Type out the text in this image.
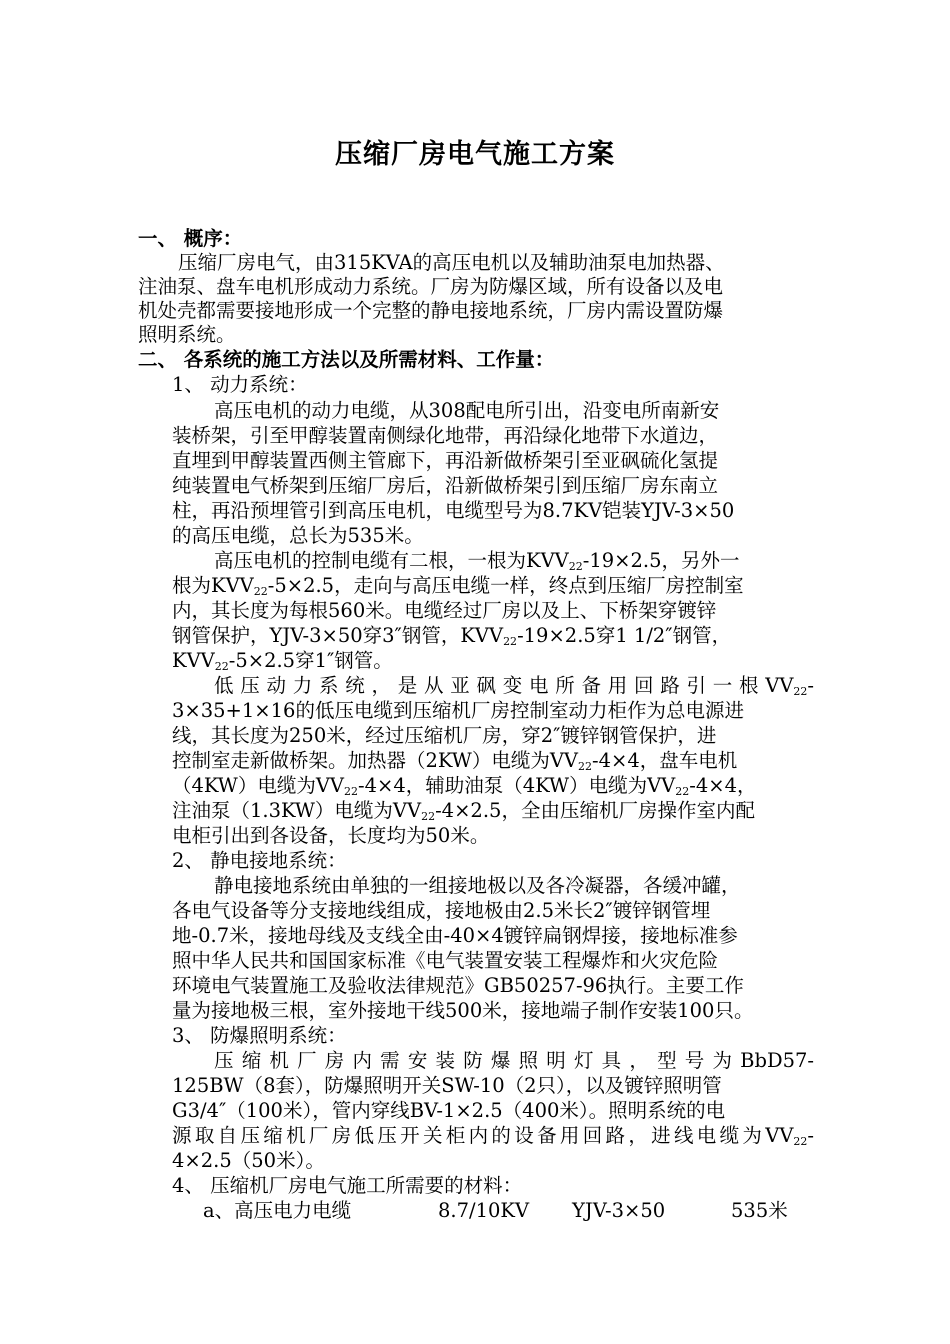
压缩厂房电气施工方案
一、 概序：
压缩厂房电气，由315KVA的高压电机以及辅助油泵电加热器、
注油泵、盘车电机形成动力系统。厂房为防爆区域，所有设备以及电
机处壳都需要接地形成一个完整的静电接地系统，厂房内需设置防爆
照明系统。
二、 各系统的施工方法以及所需材料、工作量：
1、 动力系统：
高压电机的动力电缆，从308配电所引出，沿变电所南新安
装桥架，引至甲醇装置南侧绿化地带，再沿绿化地带下水道边，
直埋到甲醇装置西侧主管廊下，再沿新做桥架引至亚砜硫化氢提
纯装置电气桥架到压缩厂房后，沿新做桥架引到压缩厂房东南立
柱，再沿预埋管引到高压电机，电缆型号为8.7KV铠装YJV-3×50
的高压电缆，总长为535米。
高压电机的控制电缆有二根，一根为$KVV_{22}-19\times 2.5$，另外一
根为$KVV_{22}-5\times 2.5$，走向与高压电缆一样，终点到压缩厂房控制室
内，其长度为每根560米。电缆经过厂房以及上、下桥架穿镀锌
钢管保护，YJV-3×50穿3″钢管，$KVV_{22}-19\times 2.5$穿1 1/2″钢管，
$KVV_{22}-5\times 2.5$穿1″钢管。
低压动力系统，是从亚砜变电所备用回路引一根$VV_{22}-$
3×35+1×16的低压电缆到压缩机厂房控制室动力柜作为总电源进
线，其长度为250米，经过压缩机厂房，穿2″镀锌钢管保护，进
控制室走新做桥架。加热器（2KW）电缆为$VV_{22}-4\times 4$，盘车电机
（4KW）电缆为$VV_{22}-4\times 4$，辅助油泵（4KW）电缆为$VV_{22}-4\times 4$，
注油泵（1.3KW）电缆为$VV_{22}-4\times 2.5$，全由压缩机厂房操作室内配
电柜引出到各设备，长度均为50米。
2、 静电接地系统：
静电接地系统由单独的一组接地极以及各冷凝器，各缓冲罐，
各电气设备等分支接地线组成，接地极由2.5米长2″镀锌钢管埋
地-0.7米，接地母线及支线全由-40×4镀锌扁钢焊接，接地标准参
照中华人民共和国国家标准《电气装置安装工程爆炸和火灾危险
环境电气装置施工及验收法律规范》GB50257-96执行。主要工作
量为接地极三根，室外接地干线500米，接地端子制作安装100只。
3、 防爆照明系统：
压缩机厂房内需安装防爆照明灯具，型号为BbD57-
125BW（8套），防爆照明开关SW-10（2只），以及镀锌照明管
G3/4″（100米），管内穿线BV-1×2.5（400米）。照明系统的电
源取自压缩机厂房低压开关柜内的设备用回路，进线电缆为$VV_{22}-$
4×2.5（50米）。
4、 压缩机厂房电气施工所需要的材料：
a、高压电力电缆	8.7/10KV YJV-3×50	535米
